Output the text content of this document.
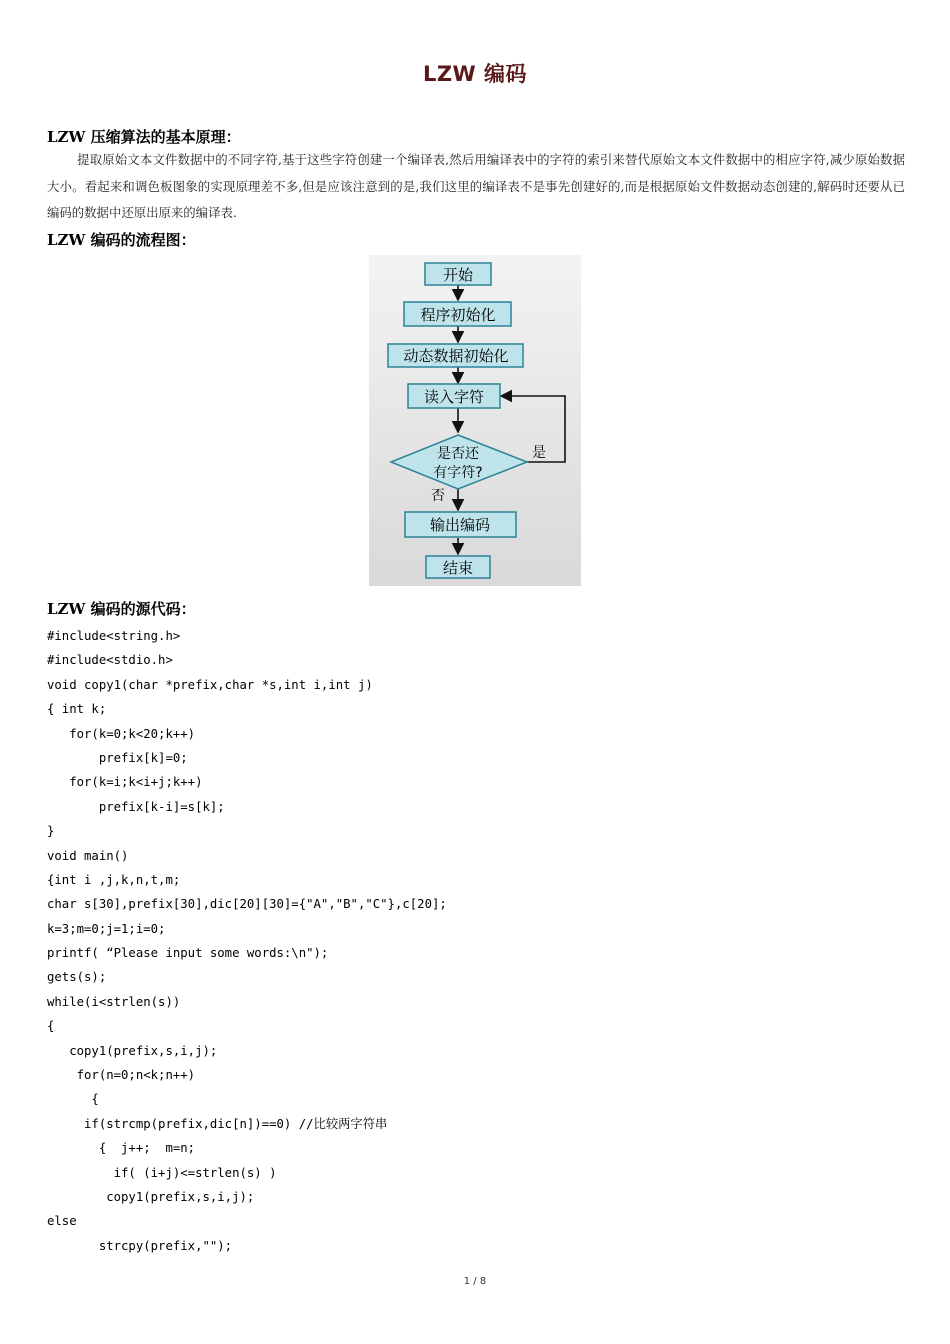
LZW 编码
LZW 压缩算法的基本原理：
提取原始文本文件数据中的不同字符,基于这些字符创建一个编译表,然后用编译表中的字符的索引来替代原始文本文件数据中的相应字符,减少原始数据大小。看起来和调色板图象的实现原理差不多,但是应该注意到的是,我们这里的编译表不是事先创建好的,而是根据原始文件数据动态创建的,解码时还要从已编码的数据中还原出原来的编译表.
LZW 编码的流程图：
开始
程序初始化
动态数据初始化
读入字符
是否还
有字符?
是
否
输出编码
结束
LZW 编码的源代码：
#include<string.h>
#include<stdio.h>
void copy1(char *prefix,char *s,int i,int j)
{ int k;
for(k=0;k<20;k++)
prefix[k]=0;
for(k=i;k<i+j;k++)
prefix[k-i]=s[k];
}
void main()
{int i ,j,k,n,t,m;
char s[30],prefix[30],dic[20][30]={"A","B","C"},c[20];
k=3;m=0;j=1;i=0;
printf( “Please input some words:\n");
gets(s);
while(i<strlen(s))
{
copy1(prefix,s,i,j);
for(n=0;n<k;n++)
{
if(strcmp(prefix,dic[n])==0) //比较两字符串
{  j++;  m=n;
if( (i+j)<=strlen(s) )
copy1(prefix,s,i,j);
else
strcpy(prefix,"");
1 / 8
